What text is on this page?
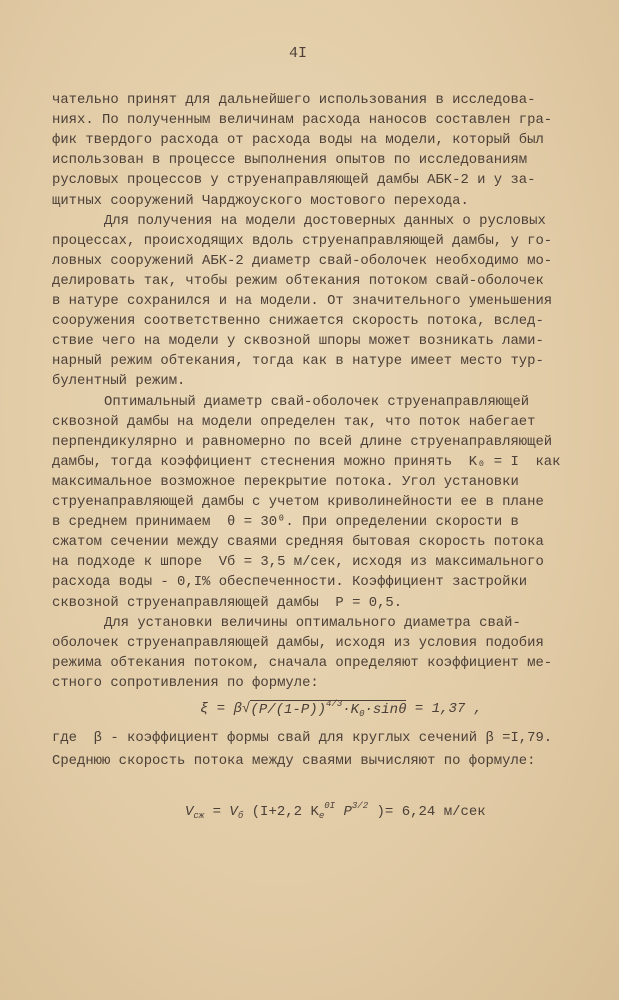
4I
чательно принят для дальнейшего использования в исследова-
ниях. По полученным величинам расхода наносов составлен гра-
фик твердого расхода от расхода воды на модели, который был
использован в процессе выполнения опытов по исследованиям
русловых процессов у струенаправляющей дамбы АБК-2 и у за-
щитных сооружений Чарджоуского мостового перехода.
Для получения на модели достоверных данных о русловых
процессах, происходящих вдоль струенаправляющей дамбы, у го-
ловных сооружений АБК-2 диаметр свай-оболочек необходимо мо-
делировать так, чтобы режим обтекания потоком свай-оболочек
в натуре сохранился и на модели. От значительного уменьшения
сооружения соответственно снижается скорость потока, вслед-
ствие чего на модели у сквозной шпоры может возникать лами-
нарный режим обтекания, тогда как в натуре имеет место тур-
булентный режим.
Оптимальный диаметр свай-оболочек струенаправляющей
сквозной дамбы на модели определен так, что поток набегает
перпендикулярно и равномерно по всей длине струенаправляющей
дамбы, тогда коэффициент стеснения можно принять  K₀ = I  как
максимальное возможное перекрытие потока. Угол установки
струенаправляющей дамбы с учетом криволинейности ее в плане
в среднем принимаем  θ = 30⁰. При определении скорости в
сжатом сечении между сваями средняя бытовая скорость потока
на подходе к шпоре  Vб = 3,5 м/сек, исходя из максимального
расхода воды - 0,I% обеспеченности. Коэффициент застройки
сквозной струенаправляющей дамбы  P = 0,5.
Для установки величины оптимального диаметра свай-
оболочек струенаправляющей дамбы, исходя из условия подобия
режима обтекания потоком, сначала определяют коэффициент ме-
стного сопротивления по формуле:
где  β - коэффициент формы свай для круглых сечений β =I,79.
Среднюю скорость потока между сваями вычисляют по формуле:
ξ = β √ (P/(1-P)) 4/3 ·K 0 ·sinθ
= 1,37 ,
V сж = V б (I+2,2 K e
0I P 3/2 )= 6,24 м/сек
